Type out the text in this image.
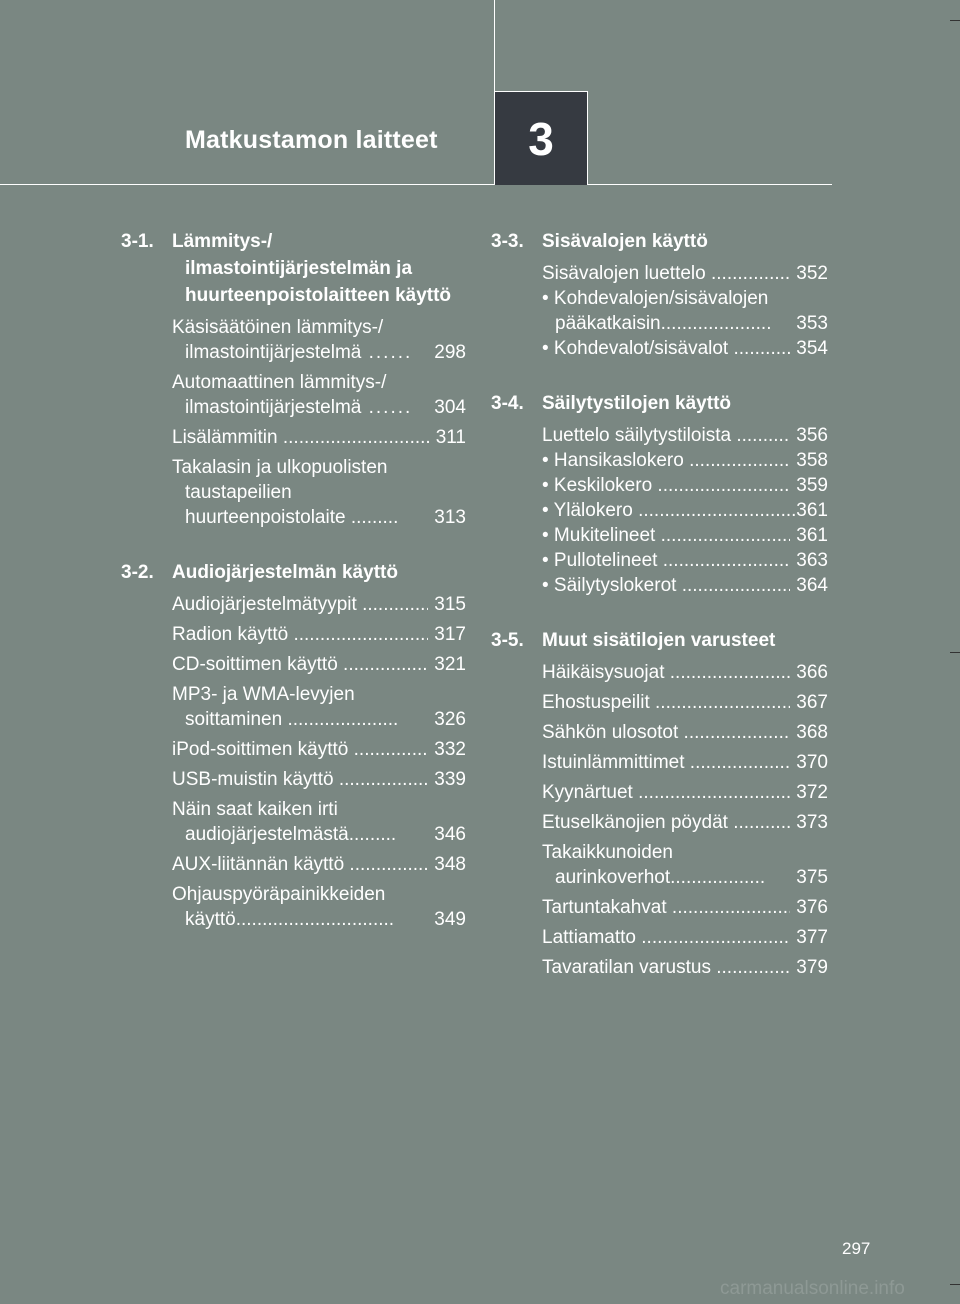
3
Matkustamon laitteet
3-1. Lämmitys-/ ilmastointijärjestelmän ja huurteenpoistolaitteen käyttö
Käsisäätöinen lämmitys-/ ilmastointijärjestelmä ......	298
Automaattinen lämmitys-/ ilmastointijärjestelmä ......	304
Lisälämmitin .....	311
Takalasin ja ulkopuolisten taustapeilien huurteenpoistolaite .........	313
3-2. Audiojärjestelmän käyttö
Audiojärjestelmätyypit .....	315
Radion käyttö .....	317
CD-soittimen käyttö .....	321
MP3- ja WMA-levyjen soittaminen .....................	326
iPod-soittimen käyttö .....	332
USB-muistin käyttö .....	339
Näin saat kaiken irti audiojärjestelmästä.........	346
AUX-liitännän käyttö .....	348
Ohjauspyöräpainikkeiden käyttö..............................	349
3-3. Sisävalojen käyttö
Sisävalojen luettelo .....	352
• Kohdevalojen/sisävalojen pääkatkaisin.....................	353
• Kohdevalot/sisävalot .....	354
3-4. Säilytystilojen käyttö
Luettelo säilytystiloista .....	356
• Hansikaslokero .....	358
• Keskilokero .....	359
• Ylälokero .....	361
• Mukitelineet .....	361
• Pullotelineet .....	363
• Säilytyslokerot .....	364
3-5. Muut sisätilojen varusteet
Häikäisysuojat .....	366
Ehostuspeilit .....	367
Sähkön ulosotot .....	368
Istuinlämmittimet .....	370
Kyynärtuet .....	372
Etuselkänojien pöydät .....	373
Takaikkunoiden aurinkoverhot..................	375
Tartuntakahvat .....	376
Lattiamatto .....	377
Tavaratilan varustus .....	379
297
carmanualsonline.info
